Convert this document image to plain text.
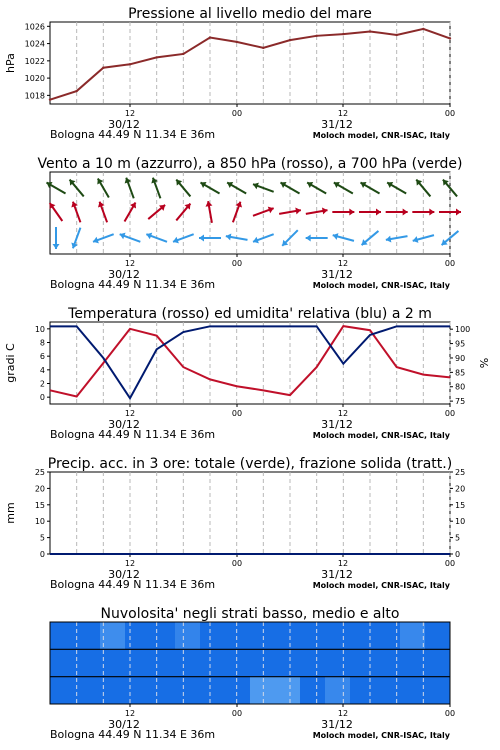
12	00	12	00
30/12	31/12
Bologna 44.49 N 11.34 E 36m	Moloch model, CNR-ISAC, Italy
Pressione al livello medio del mare
1018
1020
1022
1024
1026
hPa
12	00	12	00
30/12	31/12
Bologna 44.49 N 11.34 E 36m	Moloch model, CNR-ISAC, Italy
Vento a 10 m (azzurro), a 850 hPa (rosso), a 700 hPa (verde)
12	00	12	00
30/12	31/12
Bologna 44.49 N 11.34 E 36m	Moloch model, CNR-ISAC, Italy
Temperatura (rosso) ed umidita' relativa (blu) a 2 m
0
2
4
6
8
10
75
80
85
90
95
100
gradi C	%
12	00	12	00
30/12	31/12
Bologna 44.49 N 11.34 E 36m	Moloch model, CNR-ISAC, Italy
Precip. acc. in 3 ore: totale (verde), frazione solida (tratt.)
0	0
5	5
10	10
15	15
20	20
25	25
mm
Nuvolosita' negli strati basso, medio e alto
12	00	12	00
30/12	31/12
Bologna 44.49 N 11.34 E 36m	Moloch model, CNR-ISAC, Italy
